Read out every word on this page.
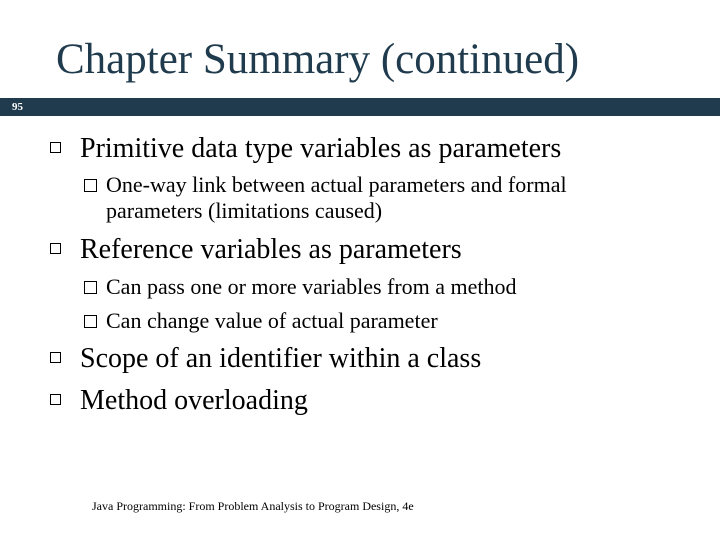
Chapter Summary (continued)
95
Primitive data type variables as parameters
One-way link between actual parameters and formal
parameters (limitations caused)
Reference variables as parameters
Can pass one or more variables from a method
Can change value of actual parameter
Scope of an identifier within a class
Method overloading
Java Programming: From Problem Analysis to Program Design, 4e
